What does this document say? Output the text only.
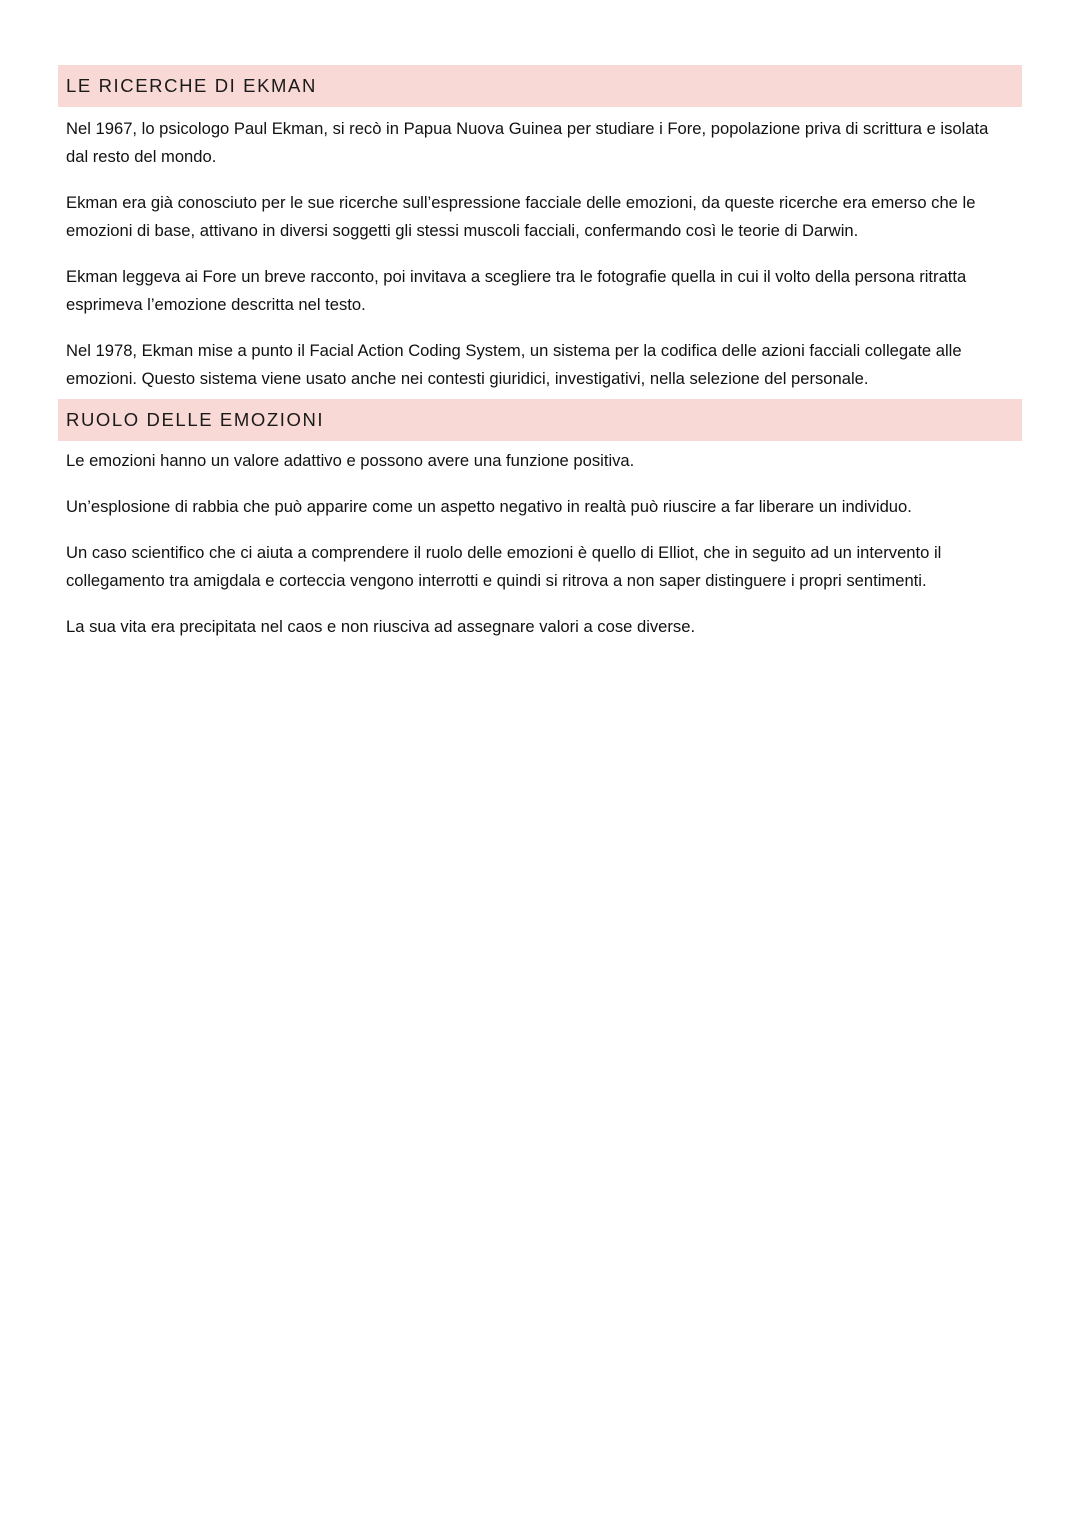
LE RICERCHE DI EKMAN

Nel 1967, lo psicologo Paul Ekman, si recò in Papua Nuova Guinea per studiare i Fore, popolazione priva di scrittura e isolata dal resto del mondo.

Ekman era già conosciuto per le sue ricerche sull’espressione facciale delle emozioni, da queste ricerche era emerso che le emozioni di base, attivano in diversi soggetti gli stessi muscoli facciali, confermando così le teorie di Darwin.

Ekman leggeva ai Fore un breve racconto, poi invitava a scegliere tra le fotografie quella in cui il volto della persona ritratta esprimeva l’emozione descritta nel testo.

Nel 1978, Ekman mise a punto il Facial Action Coding System, un sistema per la codifica delle azioni facciali collegate alle emozioni. Questo sistema viene usato anche nei contesti giuridici, investigativi, nella selezione del personale.

RUOLO DELLE EMOZIONI

Le emozioni hanno un valore adattivo e possono avere una funzione positiva.

Un’esplosione di rabbia che può apparire come un aspetto negativo in realtà può riuscire a far liberare un individuo.

Un caso scientifico che ci aiuta a comprendere il ruolo delle emozioni è quello di Elliot, che in seguito ad un intervento il collegamento tra amigdala e corteccia vengono interrotti e quindi si ritrova a non saper distinguere i propri sentimenti.

La sua vita era precipitata nel caos e non riusciva ad assegnare valori a cose diverse.
